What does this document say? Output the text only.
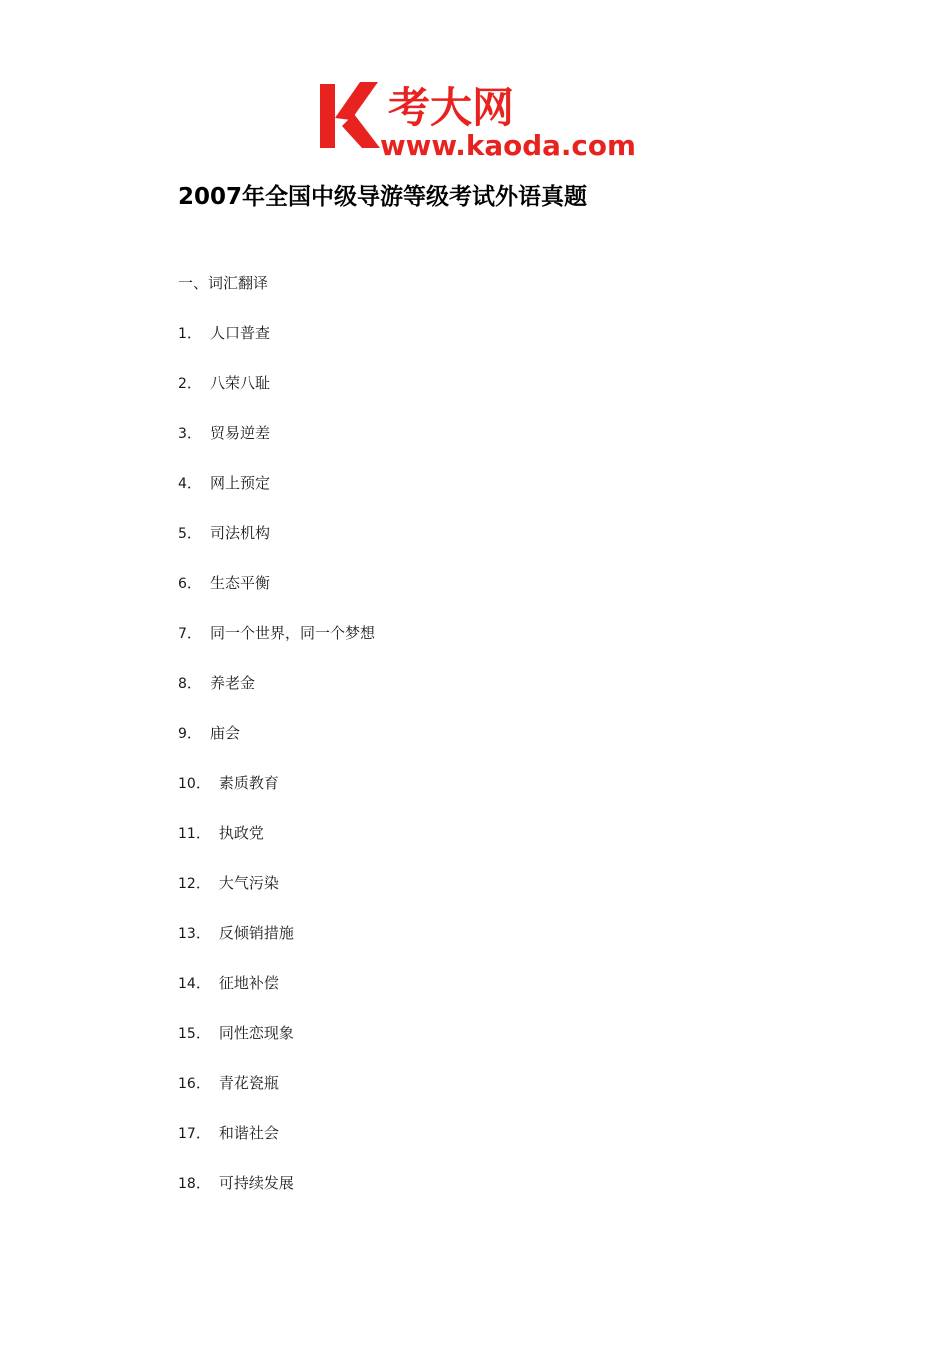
考大网
www.kaoda.com
2007年全国中级导游等级考试外语真题
一、词汇翻译
1． 人口普查
2． 八荣八耻
3． 贸易逆差
4． 网上预定
5． 司法机构
6． 生态平衡
7． 同一个世界，同一个梦想
8． 养老金
9． 庙会
10． 素质教育
11． 执政党
12． 大气污染
13． 反倾销措施
14． 征地补偿
15． 同性恋现象
16． 青花瓷瓶
17． 和谐社会
18． 可持续发展
